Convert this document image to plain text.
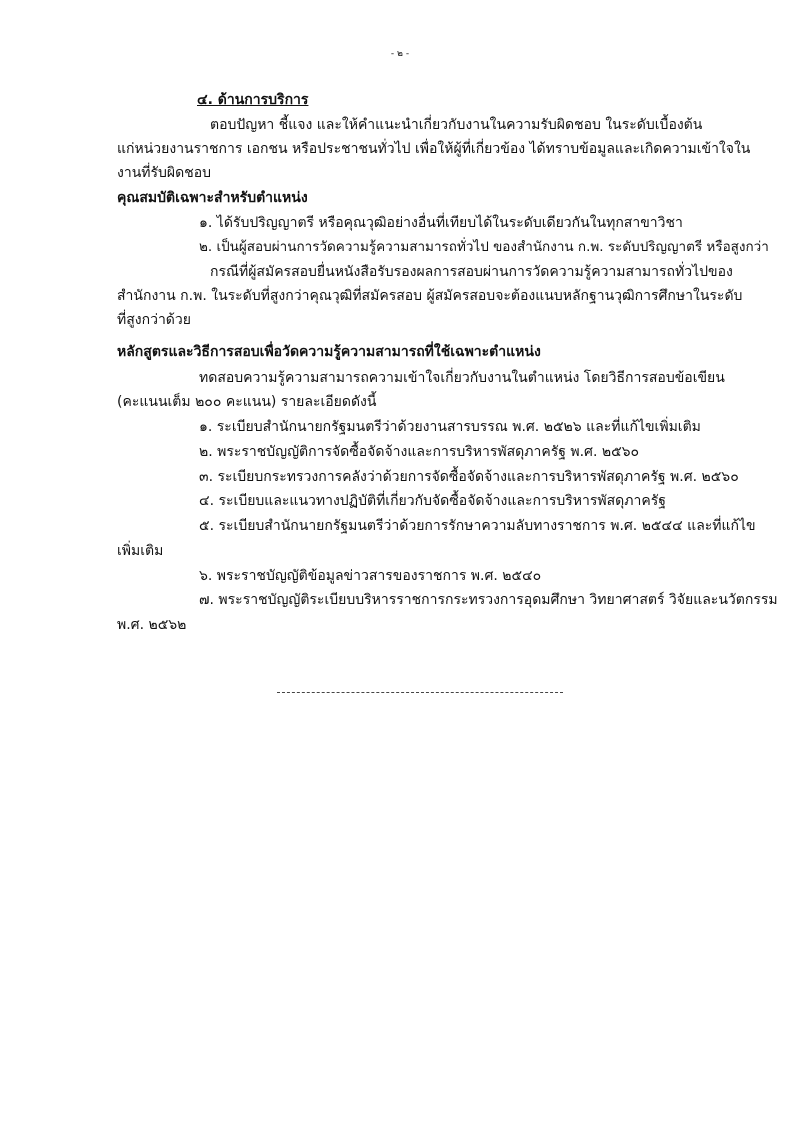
- ๒ -
๔. ด้านการบริการ
ตอบปัญหา ชี้แจง และให้คำแนะนำเกี่ยวกับงานในความรับผิดชอบ ในระดับเบื้องต้น
แก่หน่วยงานราชการ เอกชน หรือประชาชนทั่วไป เพื่อให้ผู้ที่เกี่ยวข้อง ได้ทราบข้อมูลและเกิดความเข้าใจใน
งานที่รับผิดชอบ
คุณสมบัติเฉพาะสำหรับตำแหน่ง
๑. ได้รับปริญญาตรี หรือคุณวุฒิอย่างอื่นที่เทียบได้ในระดับเดียวกันในทุกสาขาวิชา
๒. เป็นผู้สอบผ่านการวัดความรู้ความสามารถทั่วไป ของสำนักงาน ก.พ. ระดับปริญญาตรี หรือสูงกว่า
กรณีที่ผู้สมัครสอบยื่นหนังสือรับรองผลการสอบผ่านการวัดความรู้ความสามารถทั่วไปของ
สำนักงาน ก.พ. ในระดับที่สูงกว่าคุณวุฒิที่สมัครสอบ ผู้สมัครสอบจะต้องแนบหลักฐานวุฒิการศึกษาในระดับ
ที่สูงกว่าด้วย
หลักสูตรและวิธีการสอบเพื่อวัดความรู้ความสามารถที่ใช้เฉพาะตำแหน่ง
ทดสอบความรู้ความสามารถความเข้าใจเกี่ยวกับงานในตำแหน่ง โดยวิธีการสอบข้อเขียน
(คะแนนเต็ม ๒๐๐ คะแนน) รายละเอียดดังนี้
๑. ระเบียบสำนักนายกรัฐมนตรีว่าด้วยงานสารบรรณ พ.ศ. ๒๕๒๖ และที่แก้ไขเพิ่มเติม
๒. พระราชบัญญัติการจัดซื้อจัดจ้างและการบริหารพัสดุภาครัฐ พ.ศ. ๒๕๖๐
๓. ระเบียบกระทรวงการคลังว่าด้วยการจัดซื้อจัดจ้างและการบริหารพัสดุภาครัฐ พ.ศ. ๒๕๖๐
๔. ระเบียบและแนวทางปฏิบัติที่เกี่ยวกับจัดซื้อจัดจ้างและการบริหารพัสดุภาครัฐ
๕. ระเบียบสำนักนายกรัฐมนตรีว่าด้วยการรักษาความลับทางราชการ พ.ศ. ๒๕๔๔ และที่แก้ไข
เพิ่มเติม
๖. พระราชบัญญัติข้อมูลข่าวสารของราชการ พ.ศ. ๒๕๔๐
๗. พระราชบัญญัติระเบียบบริหารราชการกระทรวงการอุดมศึกษา วิทยาศาสตร์ วิจัยและนวัตกรรม
พ.ศ. ๒๕๖๒
